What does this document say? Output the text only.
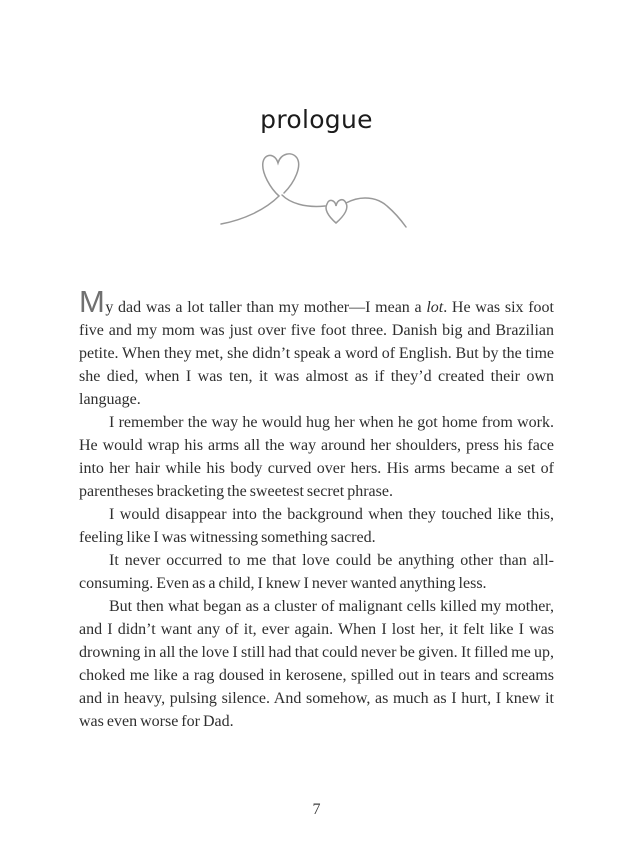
prologue

My dad was a lot taller than my mother—I mean a lot. He was six foot five and my mom was just over five foot three. Danish big and Brazilian petite. When they met, she didn’t speak a word of English. But by the time she died, when I was ten, it was almost as if they’d created their own language.

I remember the way he would hug her when he got home from work. He would wrap his arms all the way around her shoulders, press his face into her hair while his body curved over hers. His arms became a set of parentheses bracketing the sweetest secret phrase.

I would disappear into the background when they touched like this, feeling like I was witnessing something sacred.

It never occurred to me that love could be anything other than all-consuming. Even as a child, I knew I never wanted anything less.

But then what began as a cluster of malignant cells killed my mother, and I didn’t want any of it, ever again. When I lost her, it felt like I was drowning in all the love I still had that could never be given. It filled me up, choked me like a rag doused in kerosene, spilled out in tears and screams and in heavy, pulsing silence. And somehow, as much as I hurt, I knew it was even worse for Dad.

7
